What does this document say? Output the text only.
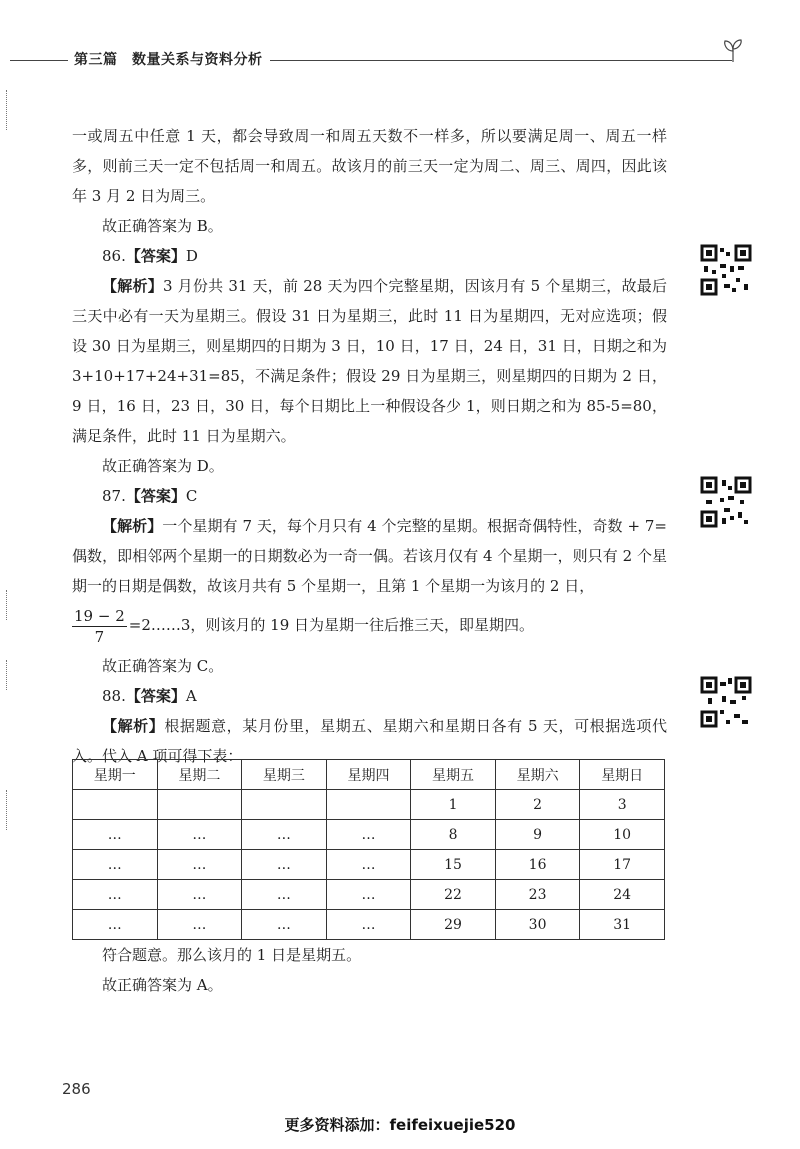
第三篇　数量关系与资料分析

一或周五中任意 1 天，都会导致周一和周五天数不一样多，所以要满足周一、周五一样多，则前三天一定不包括周一和周五。故该月的前三天一定为周二、周三、周四，因此该年 3 月 2 日为周三。

故正确答案为 B。

86.【答案】D

【解析】3 月份共 31 天，前 28 天为四个完整星期，因该月有 5 个星期三，故最后三天中必有一天为星期三。假设 31 日为星期三，此时 11 日为星期四，无对应选项；假设 30 日为星期三，则星期四的日期为 3 日，10 日，17 日，24 日，31 日，日期之和为 3+10+17+24+31=85，不满足条件；假设 29 日为星期三，则星期四的日期为 2 日，9 日，16 日，23 日，30 日，每个日期比上一种假设各少 1，则日期之和为 85-5=80，满足条件，此时 11 日为星期六。

故正确答案为 D。

87.【答案】C

【解析】一个星期有 7 天，每个月只有 4 个完整的星期。根据奇偶特性，奇数 + 7= 偶数，即相邻两个星期一的日期数必为一奇一偶。若该月仅有 4 个星期一，则只有 2 个星期一的日期是偶数，故该月共有 5 个星期一，且第 1 个星期一为该月的 2 日，

$\frac{19 - 2}{7}$ =2……3，则该月的 19 日为星期一往后推三天，即星期四。

故正确答案为 C。

88.【答案】A

【解析】根据题意，某月份里，星期五、星期六和星期日各有 5 天，可根据选项代入。代入 A 项可得下表：

星期一	星期二	星期三	星期四	星期五	星期六	星期日
				1	2	3
…	…	…	…	8	9	10
…	…	…	…	15	16	17
…	…	…	…	22	23	24
…	…	…	…	29	30	31

符合题意。那么该月的 1 日是星期五。

故正确答案为 A。

286
更多资料添加：feifeixuejie520
